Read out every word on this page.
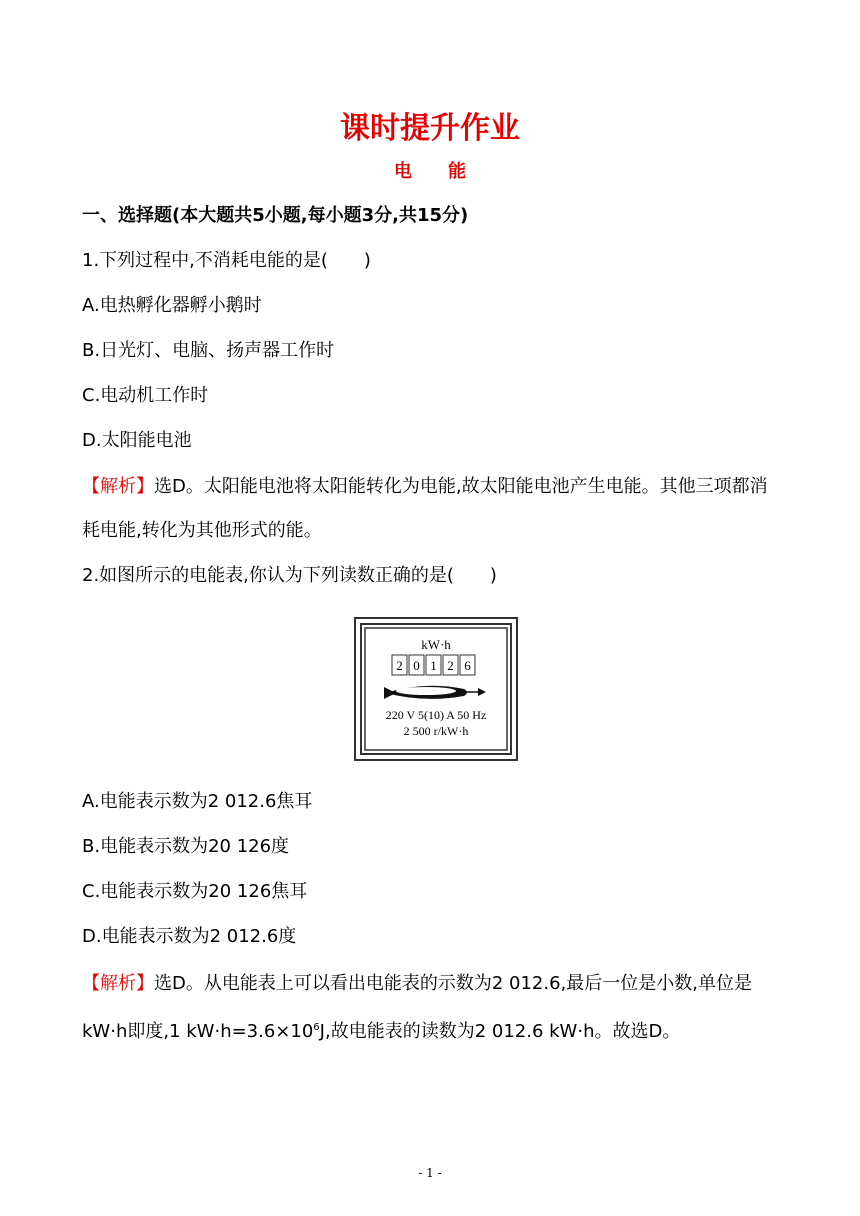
课时提升作业
电 能
一、选择题(本大题共5小题,每小题3分,共15分)
1.下列过程中,不消耗电能的是(　　)
A.电热孵化器孵小鹅时
B.日光灯、电脑、扬声器工作时
C.电动机工作时
D.太阳能电池
【解析】选D。太阳能电池将太阳能转化为电能,故太阳能电池产生电能。其他三项都消耗电能,转化为其他形式的能。
2.如图所示的电能表,你认为下列读数正确的是(　　)
kW·h
2 0 1 2 6
220 V 5(10) A 50 Hz
2 500 r/kW·h
A.电能表示数为2 012.6焦耳
B.电能表示数为20 126度
C.电能表示数为20 126焦耳
D.电能表示数为2 012.6度
【解析】选D。从电能表上可以看出电能表的示数为2 012.6,最后一位是小数,单位是kW·h即度,1 $kW\cdot h=3.6\times 10^6J$,故电能表的读数为2 012.6 kW·h。故选D。
- 1 -
